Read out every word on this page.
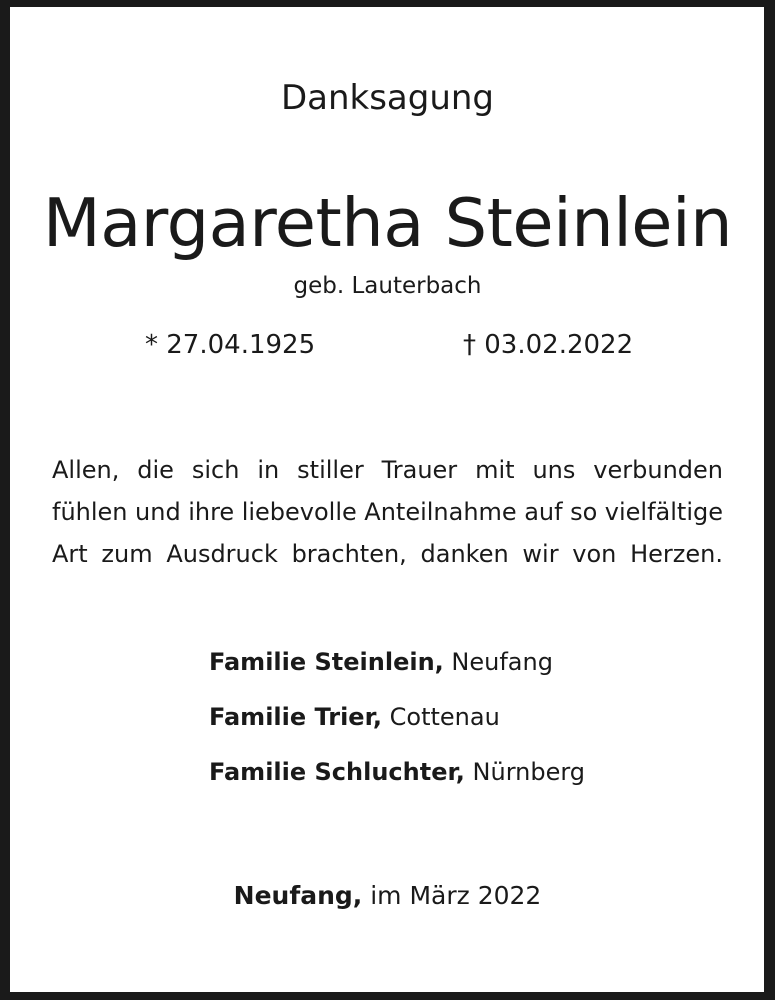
Danksagung
Margaretha Steinlein
geb. Lauterbach
* 27.04.1925	† 03.02.2022
Allen, die sich in stiller Trauer mit uns verbunden
fühlen und ihre liebevolle Anteilnahme auf so vielfältige
Art zum Ausdruck brachten, danken wir von Herzen.
Familie Steinlein, Neufang
Familie Trier, Cottenau
Familie Schluchter, Nürnberg
Neufang, im März 2022
